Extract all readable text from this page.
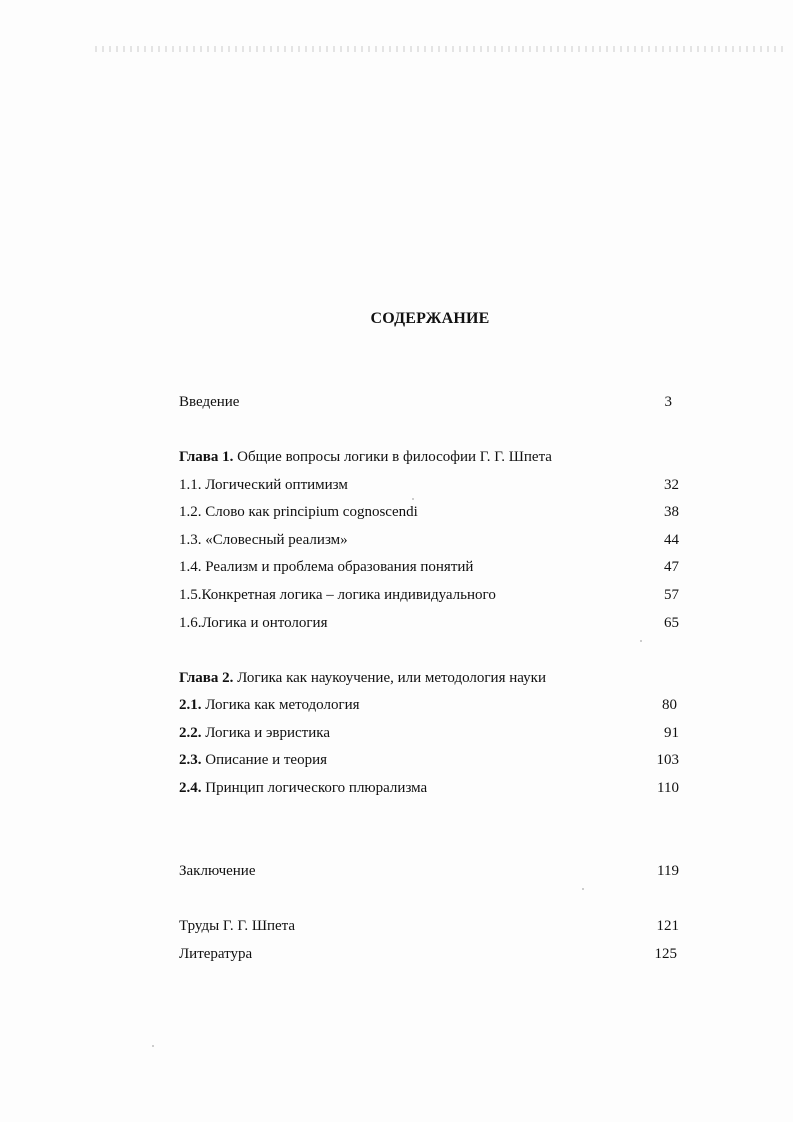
СОДЕРЖАНИЕ
Введение	3
Глава 1. Общие вопросы логики в философии Г. Г. Шпета
1.1. Логический оптимизм	32
1.2. Слово как principium cognoscendi	38
1.3. «Словесный реализм»	44
1.4. Реализм и проблема образования понятий	47
1.5.Конкретная логика – логика индивидуального	57
1.6.Логика и онтология	65
Глава 2. Логика как наукоучение, или методология науки
2.1. Логика как методология	80
2.2. Логика и эвристика	91
2.3. Описание и теория	103
2.4. Принцип логического плюрализма	110
Заключение	119
Труды Г. Г. Шпета	121
Литература	125
